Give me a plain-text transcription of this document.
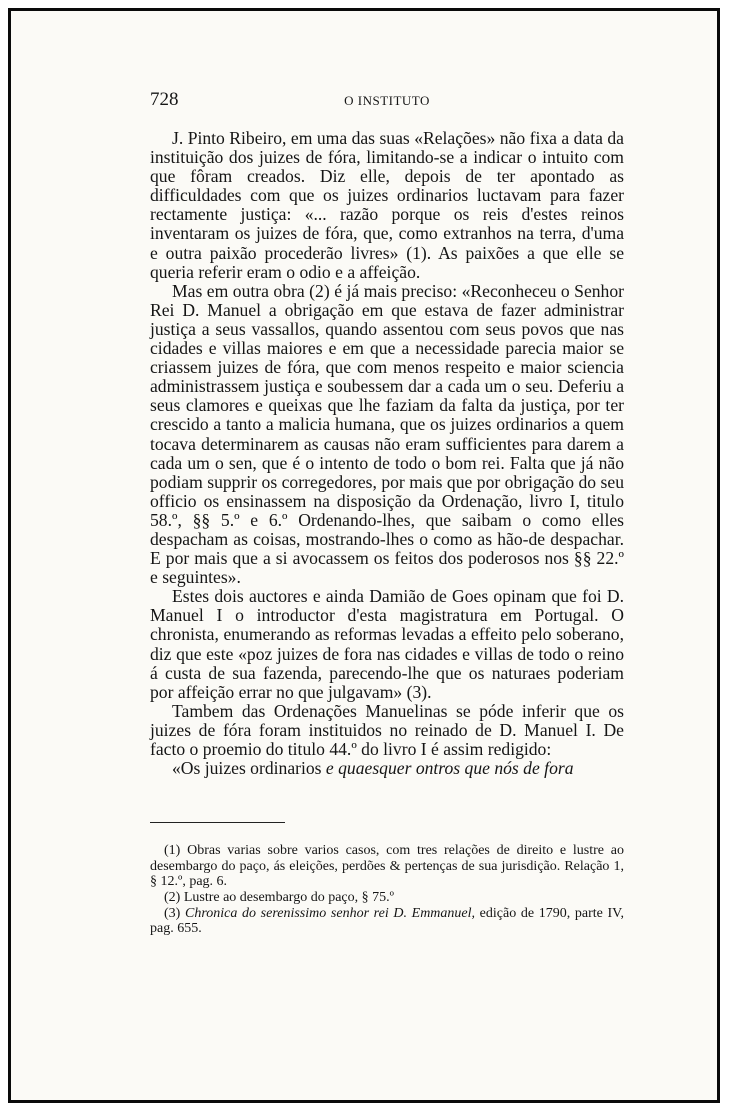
728	O INSTITUTO

J. Pinto Ribeiro, em uma das suas «Relações» não fixa a data da instituição dos juizes de fóra, limitando-se a indicar o intuito com que fôram creados. Diz elle, depois de ter apontado as difficuldades com que os juizes ordinarios luctavam para fazer rectamente justiça: «... razão porque os reis d'estes reinos inventaram os juizes de fóra, que, como extranhos na terra, d'uma e outra paixão procederão livres» (1). As paixões a que elle se queria referir eram o odio e a affeição.

Mas em outra obra (2) é já mais preciso: «Reconheceu o Senhor Rei D. Manuel a obrigação em que estava de fazer administrar justiça a seus vassallos, quando assentou com seus povos que nas cidades e villas maiores e em que a necessidade parecia maior se criassem juizes de fóra, que com menos respeito e maior sciencia administrassem justiça e soubessem dar a cada um o seu. Deferiu a seus clamores e queixas que lhe faziam da falta da justiça, por ter crescido a tanto a malicia humana, que os juizes ordinarios a quem tocava determinarem as causas não eram sufficientes para darem a cada um o sen, que é o intento de todo o bom rei. Falta que já não podiam supprir os corregedores, por mais que por obrigação do seu officio os ensinassem na disposição da Ordenação, livro I, titulo 58.º, §§ 5.º e 6.º Ordenando-lhes, que saibam o como elles despacham as coisas, mostrando-lhes o como as hão-de despachar. E por mais que a si avocassem os feitos dos poderosos nos §§ 22.º e seguintes».

Estes dois auctores e ainda Damião de Goes opinam que foi D. Manuel I o introductor d'esta magistratura em Portugal. O chronista, enumerando as reformas levadas a effeito pelo soberano, diz que este «poz juizes de fora nas cidades e villas de todo o reino á custa de sua fazenda, parecendo-lhe que os naturaes poderiam por affeição errar no que julgavam» (3).

Tambem das Ordenações Manuelinas se póde inferir que os juizes de fóra foram instituidos no reinado de D. Manuel I. De facto o proemio do titulo 44.º do livro I é assim redigido:

«Os juizes ordinarios e quaesquer ontros que nós de fora

(1) Obras varias sobre varios casos, com tres relações de direito e lustre ao desembargo do paço, ás eleições, perdões & pertenças de sua jurisdição. Relação 1, § 12.º, pag. 6.

(2) Lustre ao desembargo do paço, § 75.º

(3) Chronica do serenissimo senhor rei D. Emmanuel, edição de 1790, parte IV, pag. 655.
